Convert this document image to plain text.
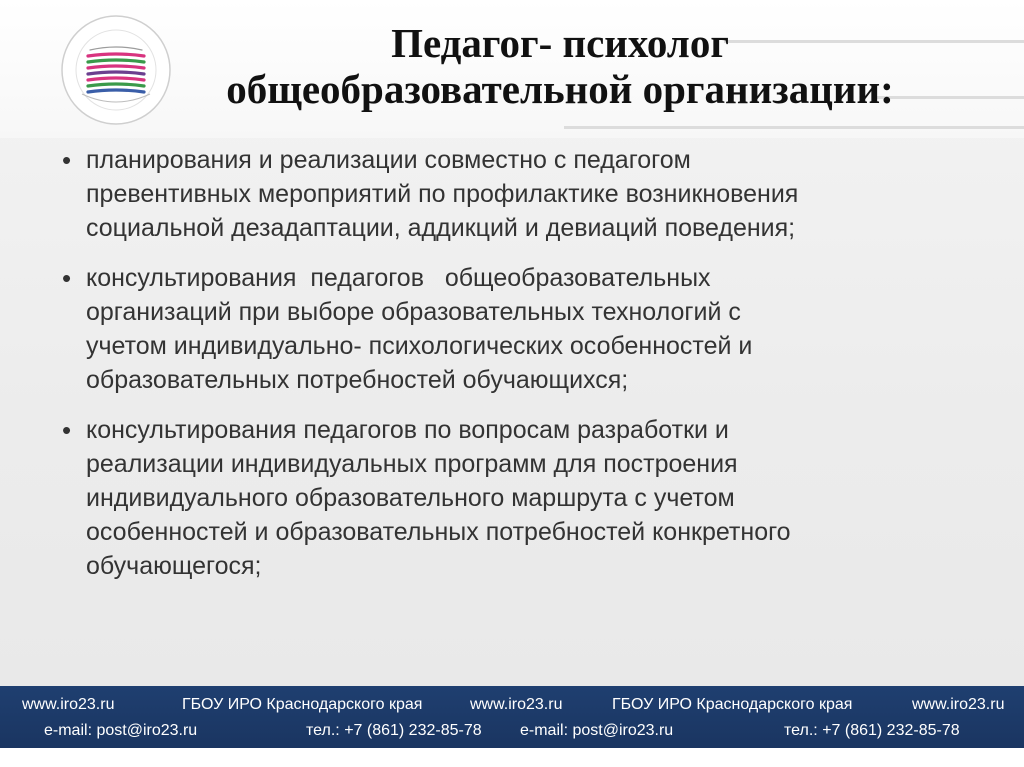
Педагог- психолог
общеобразовательной организации:
• планирования и реализации совместно с педагогом
превентивных мероприятий по профилактике возникновения
социальной дезадаптации, аддикций и девиаций поведения;
• консультирования  педагогов   общеобразовательных
организаций при выборе образовательных технологий с
учетом индивидуально- психологических особенностей и
образовательных потребностей обучающихся;
• консультирования педагогов по вопросам разработки и
реализации индивидуальных программ для построения
индивидуального образовательного маршрута с учетом
особенностей и образовательных потребностей конкретного
обучающегося;
www.iro23.ru
e-mail: post@iro23.ru
ГБОУ ИРО Краснодарского края
тел.: +7 (861) 232-85-78
www.iro23.ru
e-mail: post@iro23.ru
ГБОУ ИРО Краснодарского края
тел.: +7 (861) 232-85-78
www.iro23.ru
